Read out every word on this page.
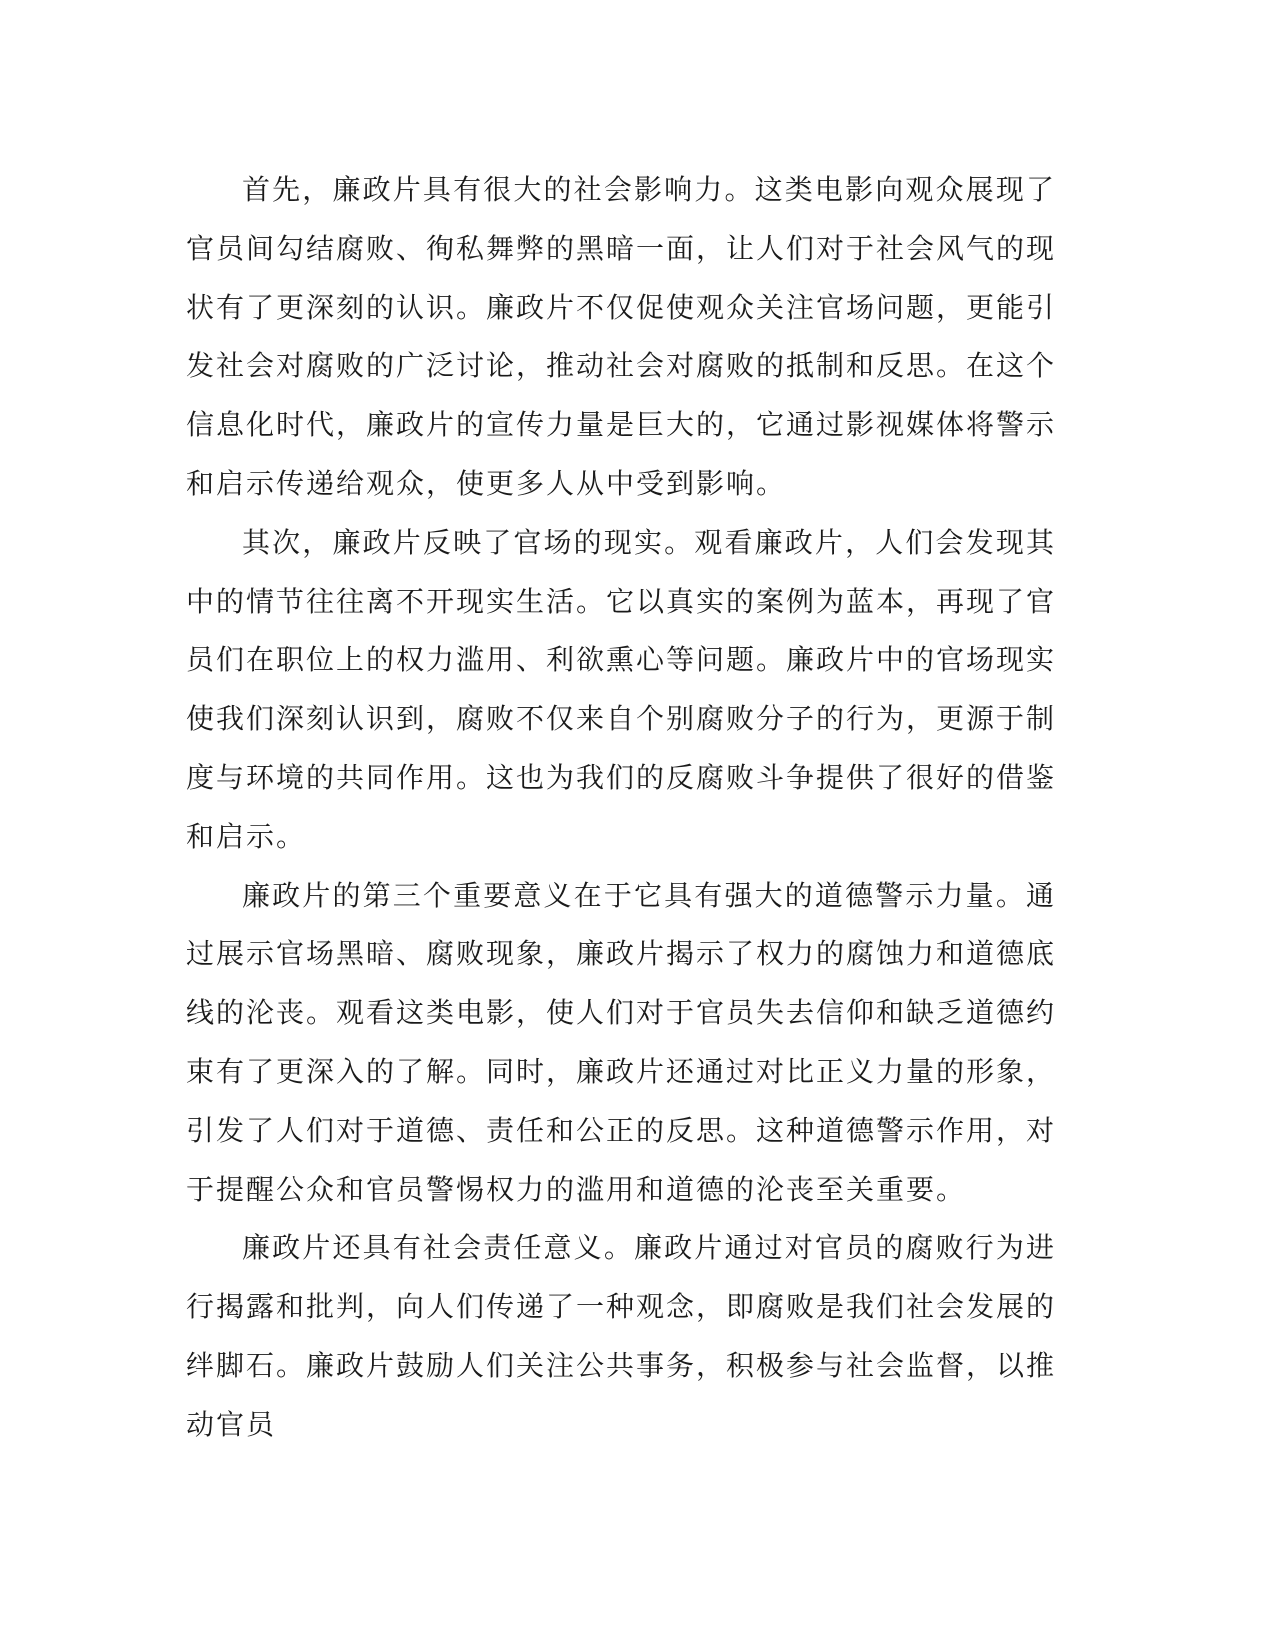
首先，廉政片具有很大的社会影响力。这类电影向观众展现了官员间勾结腐败、徇私舞弊的黑暗一面，让人们对于社会风气的现状有了更深刻的认识。廉政片不仅促使观众关注官场问题，更能引发社会对腐败的广泛讨论，推动社会对腐败的抵制和反思。在这个信息化时代，廉政片的宣传力量是巨大的，它通过影视媒体将警示和启示传递给观众，使更多人从中受到影响。

其次，廉政片反映了官场的现实。观看廉政片，人们会发现其中的情节往往离不开现实生活。它以真实的案例为蓝本，再现了官员们在职位上的权力滥用、利欲熏心等问题。廉政片中的官场现实使我们深刻认识到，腐败不仅来自个别腐败分子的行为，更源于制度与环境的共同作用。这也为我们的反腐败斗争提供了很好的借鉴和启示。

廉政片的第三个重要意义在于它具有强大的道德警示力量。通过展示官场黑暗、腐败现象，廉政片揭示了权力的腐蚀力和道德底线的沦丧。观看这类电影，使人们对于官员失去信仰和缺乏道德约束有了更深入的了解。同时，廉政片还通过对比正义力量的形象，引发了人们对于道德、责任和公正的反思。这种道德警示作用，对于提醒公众和官员警惕权力的滥用和道德的沦丧至关重要。

廉政片还具有社会责任意义。廉政片通过对官员的腐败行为进行揭露和批判，向人们传递了一种观念，即腐败是我们社会发展的绊脚石。廉政片鼓励人们关注公共事务，积极参与社会监督，以推动官员
